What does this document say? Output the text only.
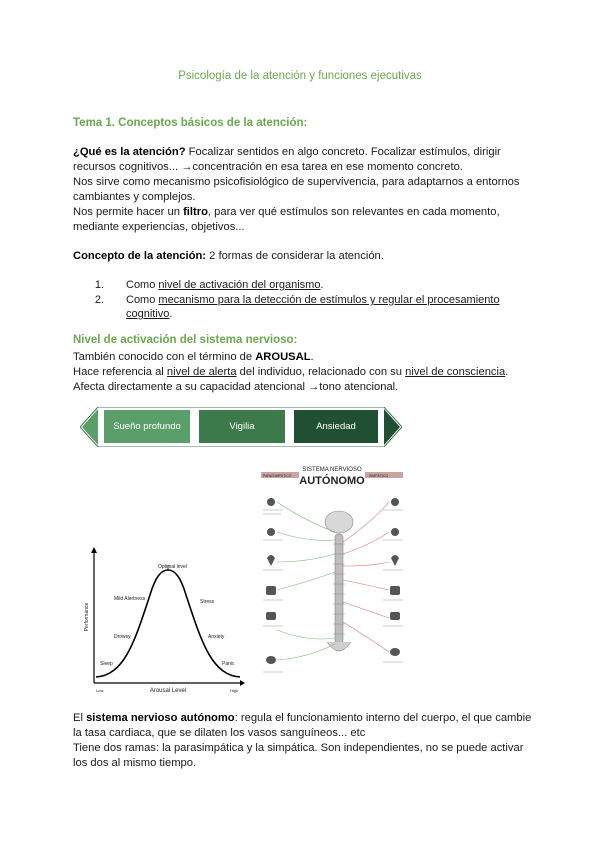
Psicología de la atención y funciones ejecutivas
Tema 1. Conceptos básicos de la atención:
¿Qué es la atención? Focalizar sentidos en algo concreto. Focalizar estímulos, dirigir
recursos cognitivos... →concentración en esa tarea en ese momento concreto.
Nos sirve como mecanismo psicofisiológico de supervivencia, para adaptarnos a entornos
cambiantes y complejos.
Nos permite hacer un filtro, para ver qué estímulos son relevantes en cada momento,
mediante experiencias, objetivos...
Concepto de la atención: 2 formas de considerar la atención.
1. Como nivel de activación del organismo.
2. Como mecanismo para la detección de estímulos y regular el procesamiento
cognitivo.
Nivel de activación del sistema nervioso:
También conocido con el término de AROUSAL.
Hace referencia al nivel de alerta del individuo, relacionado con su nivel de consciencia.
Afecta directamente a su capacidad atencional →tono atencional.
Sueño profundo	Vigilia	Ansiedad
Optimal level
Mild Alertness	Stress
Drowsy	Anxiety
Sleep	Panic
Performance
Arousal Level
Low	High
SISTEMA NERVIOSO
AUTÓNOMO
PARASIMPÁTICO	SIMPÁTICO
El sistema nervioso autónomo: regula el funcionamiento interno del cuerpo, el que cambie
la tasa cardiaca, que se dilaten los vasos sanguíneos... etc
Tiene dos ramas: la parasimpática y la simpática. Son independientes, no se puede activar
los dos al mismo tiempo.
